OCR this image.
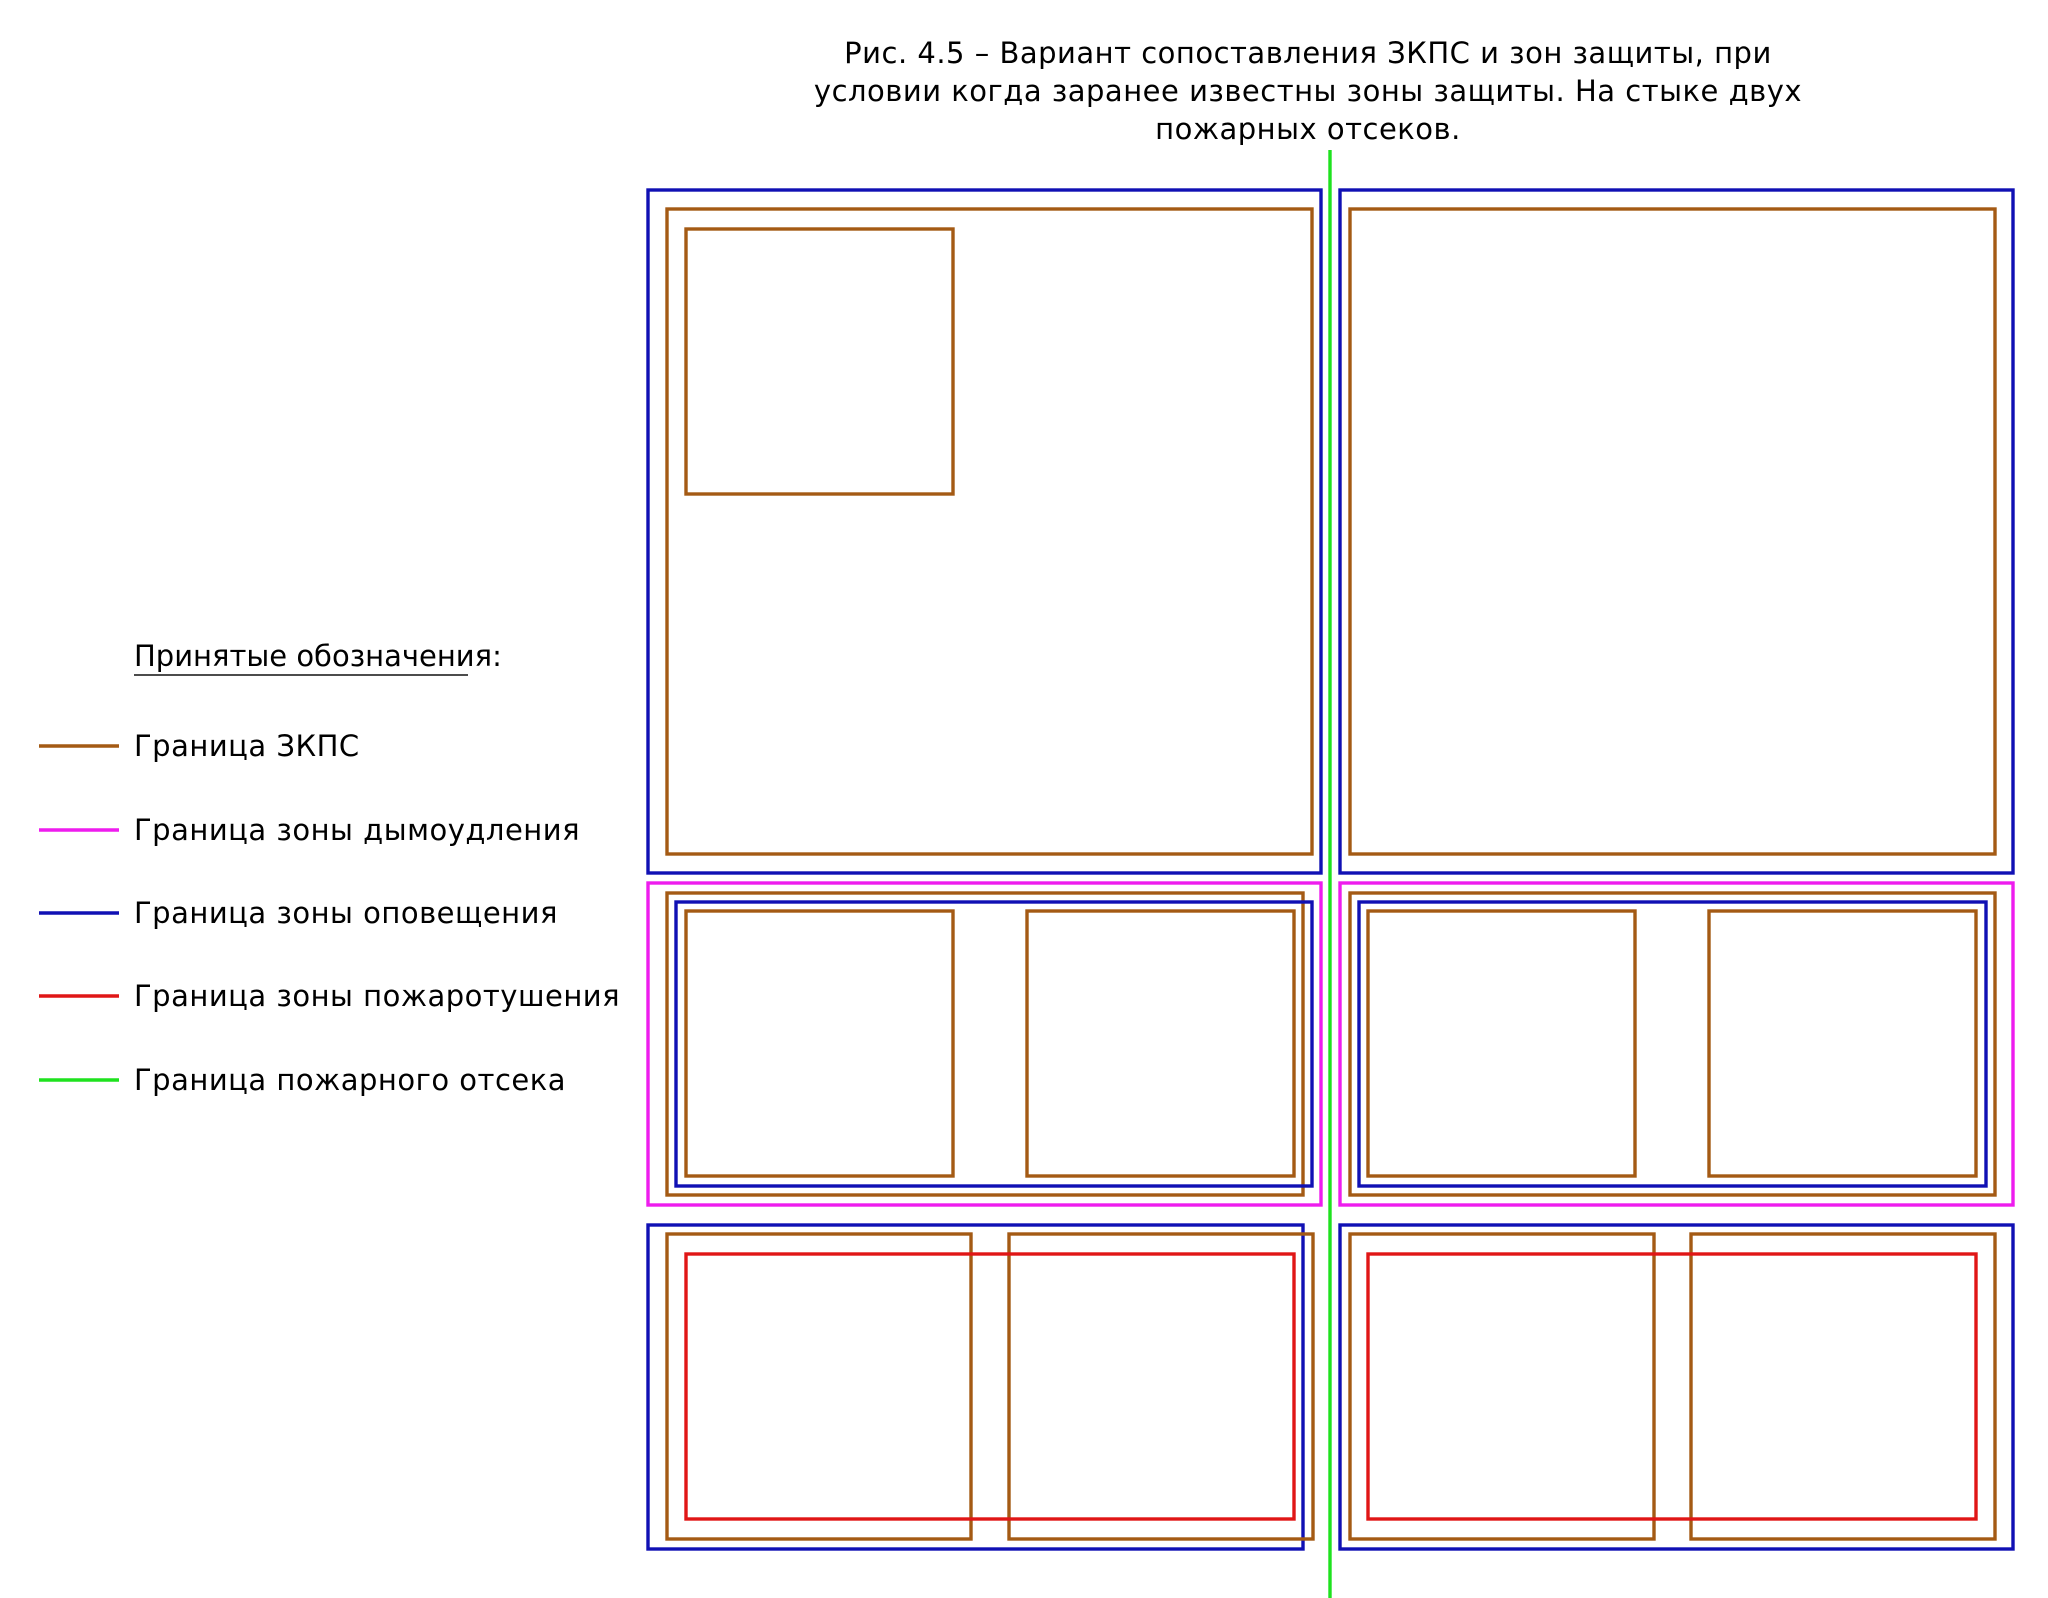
Рис. 4.5 – Вариант сопоставления ЗКПС и зон защиты, при
условии когда заранее известны зоны защиты. На стыке двух
пожарных отсеков.
Принятые обозначения:
Граница ЗКПС
Граница зоны дымоудления
Граница зоны оповещения
Граница зоны пожаротушения
Граница пожарного отсека
